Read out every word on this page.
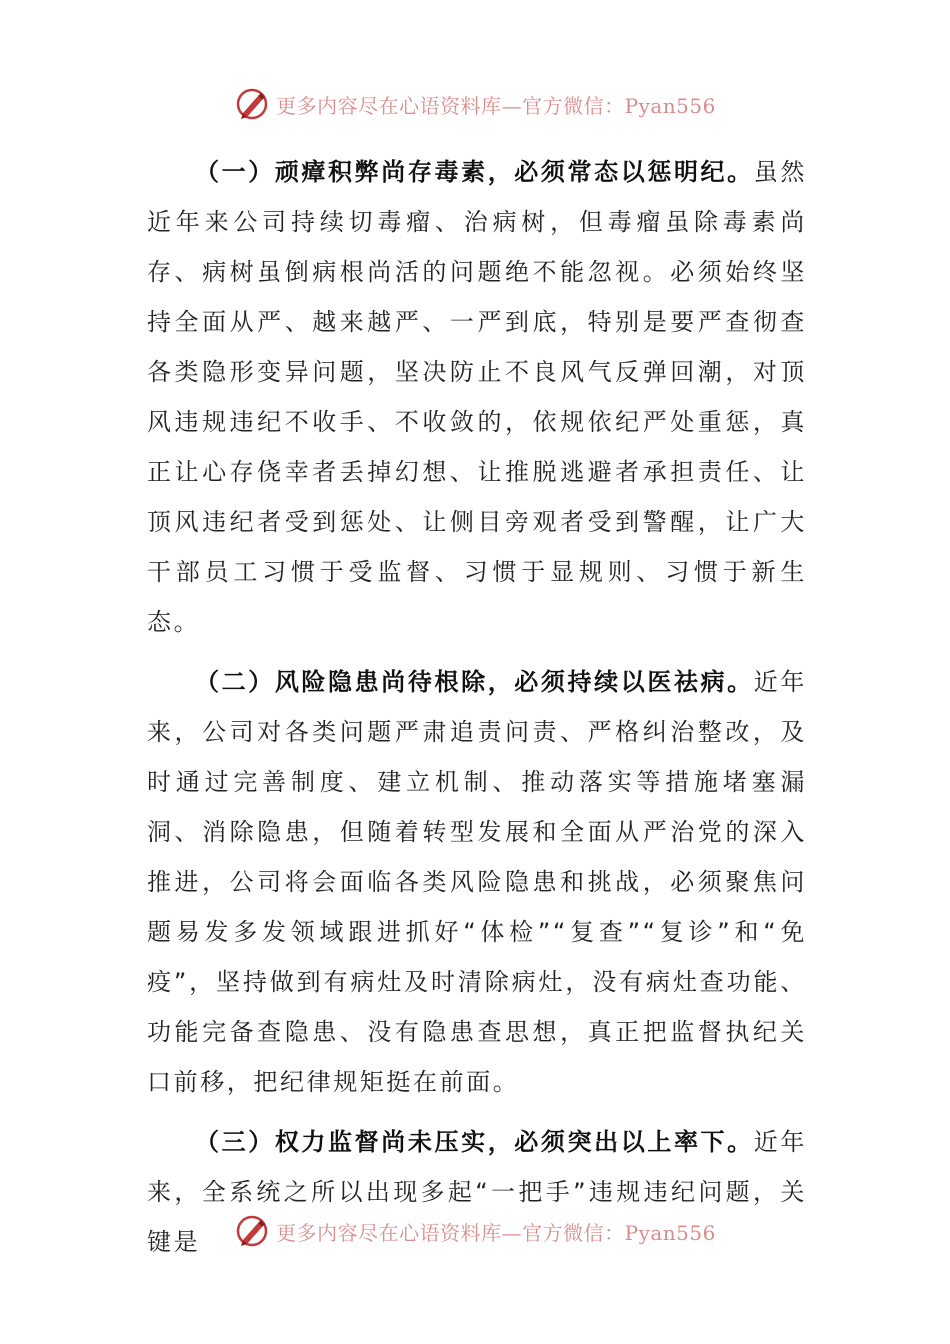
更多内容尽在心语资料库—官方微信：Pyan556

（一）顽瘴积弊尚存毒素，必须常态以惩明纪。虽然近年来公司持续切毒瘤、治病树，但毒瘤虽除毒素尚存、病树虽倒病根尚活的问题绝不能忽视。必须始终坚持全面从严、越来越严、一严到底，特别是要严查彻查各类隐形变异问题，坚决防止不良风气反弹回潮，对顶风违规违纪不收手、不收敛的，依规依纪严处重惩，真正让心存侥幸者丢掉幻想、让推脱逃避者承担责任、让顶风违纪者受到惩处、让侧目旁观者受到警醒，让广大干部员工习惯于受监督、习惯于显规则、习惯于新生态。

（二）风险隐患尚待根除，必须持续以医祛病。近年来，公司对各类问题严肃追责问责、严格纠治整改，及时通过完善制度、建立机制、推动落实等措施堵塞漏洞、消除隐患，但随着转型发展和全面从严治党的深入推进，公司将会面临各类风险隐患和挑战，必须聚焦问题易发多发领域跟进抓好“体检”“复查”“复诊”和“免疫”，坚持做到有病灶及时清除病灶，没有病灶查功能、功能完备查隐患、没有隐患查思想，真正把监督执纪关口前移，把纪律规矩挺在前面。

（三）权力监督尚未压实，必须突出以上率下。近年来，全系统之所以出现多起“一把手”违规违纪问题，关键是	更多内容尽在心语资料库—官方微信：Pyan556
